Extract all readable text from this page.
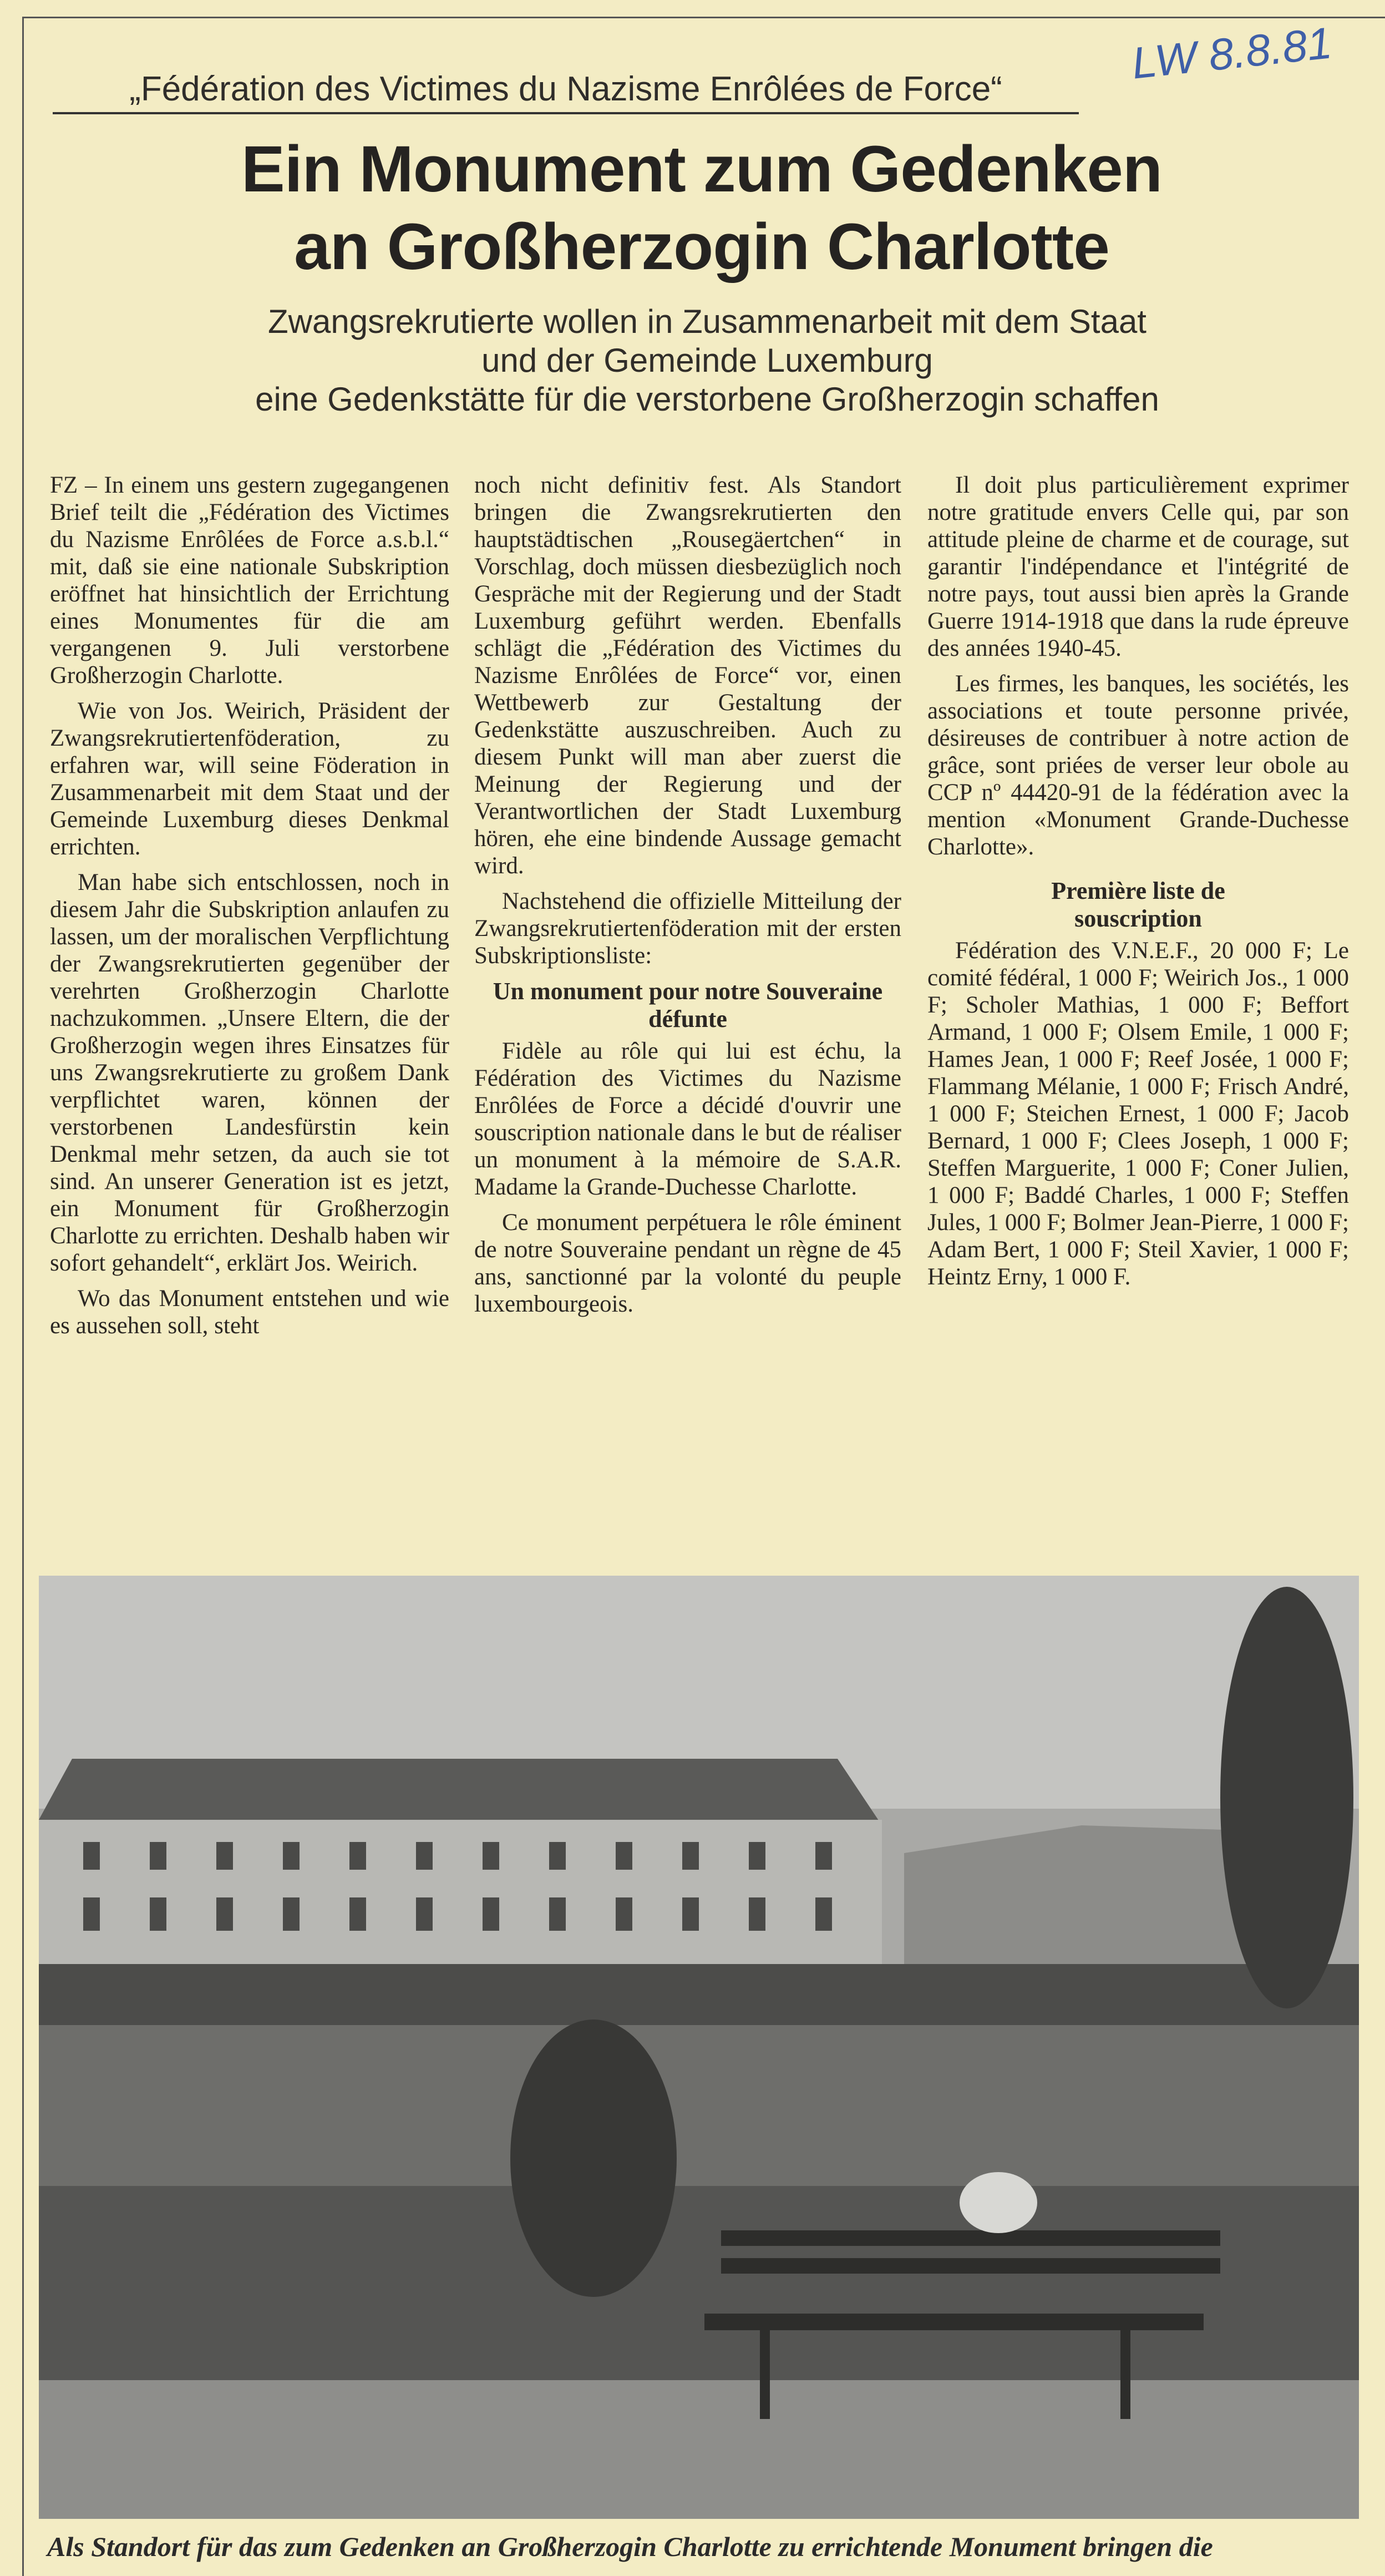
LW 8.8.81
„Fédération des Victimes du Nazisme Enrôlées de Force“
Ein Monument zum Gedenken
an Großherzogin Charlotte
Zwangsrekrutierte wollen in Zusammenarbeit mit dem Staat
und der Gemeinde Luxemburg
eine Gedenkstätte für die verstorbene Großherzogin schaffen

FZ – In einem uns gestern zugegangenen Brief teilt die „Fédération des Victimes du Nazisme Enrôlées de Force a.s.b.l.“ mit, daß sie eine nationale Subskription eröffnet hat hinsichtlich der Errichtung eines Monumentes für die am vergangenen 9. Juli verstorbene Großherzogin Charlotte.

Wie von Jos. Weirich, Präsident der Zwangsrekrutiertenföderation, zu erfahren war, will seine Föderation in Zusammenarbeit mit dem Staat und der Gemeinde Luxemburg dieses Denkmal errichten.

Man habe sich entschlossen, noch in diesem Jahr die Subskription anlaufen zu lassen, um der moralischen Verpflichtung der Zwangsrekrutierten gegenüber der verehrten Großherzogin Charlotte nachzukommen. „Unsere Eltern, die der Großherzogin wegen ihres Einsatzes für uns Zwangsrekrutierte zu großem Dank verpflichtet waren, können der verstorbenen Landesfürstin kein Denkmal mehr setzen, da auch sie tot sind. An unserer Generation ist es jetzt, ein Monument für Großherzogin Charlotte zu errichten. Deshalb haben wir sofort gehandelt“, erklärt Jos. Weirich.

Wo das Monument entstehen und wie es aussehen soll, steht

noch nicht definitiv fest. Als Standort bringen die Zwangsrekrutierten den hauptstädtischen „Rousegäertchen“ in Vorschlag, doch müssen diesbezüglich noch Gespräche mit der Regierung und der Stadt Luxemburg geführt werden. Ebenfalls schlägt die „Fédération des Victimes du Nazisme Enrôlées de Force“ vor, einen Wettbewerb zur Gestaltung der Gedenkstätte auszuschreiben. Auch zu diesem Punkt will man aber zuerst die Meinung der Regierung und der Verantwortlichen der Stadt Luxemburg hören, ehe eine bindende Aussage gemacht wird.

Nachstehend die offizielle Mitteilung der Zwangsrekrutiertenföderation mit der ersten Subskriptionsliste:

Un monument pour notre Souveraine défunte

Fidèle au rôle qui lui est échu, la Fédération des Victimes du Nazisme Enrôlées de Force a décidé d'ouvrir une souscription nationale dans le but de réaliser un monument à la mémoire de S.A.R. Madame la Grande-Duchesse Charlotte.

Ce monument perpétuera le rôle éminent de notre Souveraine pendant un règne de 45 ans, sanctionné par la volonté du peuple luxembourgeois.

Il doit plus particulièrement exprimer notre gratitude envers Celle qui, par son attitude pleine de charme et de courage, sut garantir l'indépendance et l'intégrité de notre pays, tout aussi bien après la Grande Guerre 1914-1918 que dans la rude épreuve des années 1940-45.

Les firmes, les banques, les sociétés, les associations et toute personne privée, désireuses de contribuer à notre action de grâce, sont priées de verser leur obole au CCP nº 44420-91 de la fédération avec la mention «Monument Grande-Duchesse Charlotte».

Première liste de souscription

Fédération des V.N.E.F., 20 000 F; Le comité fédéral, 1 000 F; Weirich Jos., 1 000 F; Scholer Mathias, 1 000 F; Beffort Armand, 1 000 F; Olsem Emile, 1 000 F; Hames Jean, 1 000 F; Reef Josée, 1 000 F; Flammang Mélanie, 1 000 F; Frisch André, 1 000 F; Steichen Ernest, 1 000 F; Jacob Bernard, 1 000 F; Clees Joseph, 1 000 F; Steffen Marguerite, 1 000 F; Coner Julien, 1 000 F; Baddé Charles, 1 000 F; Steffen Jules, 1 000 F; Bolmer Jean-Pierre, 1 000 F; Adam Bert, 1 000 F; Steil Xavier, 1 000 F; Heintz Erny, 1 000 F.

Als Standort für das zum Gedenken an Großherzogin Charlotte zu errichtende Monument bringen die
